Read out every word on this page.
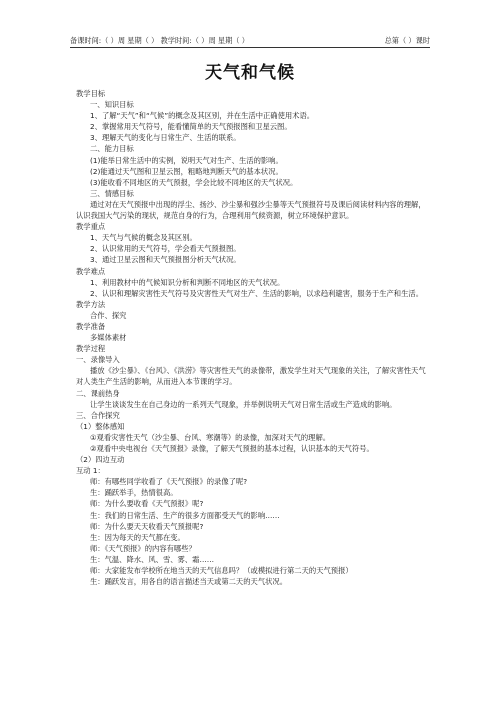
备课时间:（ ）周 星期（ ） 教学时间:（ ）周 星期（ ）	总第（ ）课时
天气和气候
教学目标
一、知识目标
1、了解“天气”和“气候”的概念及其区别，并在生活中正确使用术语。
2、掌握常用天气符号，能看懂简单的天气预报图和卫星云图。
3、理解天气的变化与日常生产、生活的联系。
二、能力目标
(1)能举日常生活中的实例，说明天气对生产、生活的影响。
(2)能通过天气图和卫星云图，粗略地判断天气的基本状况。
(3)能收看不同地区的天气预报，学会比较不同地区的天气状况。
三、情感目标
通过对在天气预报中出现的浮尘、扬沙、沙尘暴和强沙尘暴等天气预报符号及课后阅读材料内容的理解，认识我国大气污染的现状，规范自身的行为，合理利用气候资源，树立环境保护意识。
教学重点
1、天气与气候的概念及其区别。
2、认识常用的天气符号，学会看天气预报图。
3、通过卫星云图和天气预报图分析天气状况。
教学难点
1、利用教材中的气候知识分析和判断不同地区的天气状况。
2、认识和理解灾害性天气符号及灾害性天气对生产、生活的影响，以求趋利避害，服务于生产和生活。
教学方法
合作、探究
教学准备
多媒体素材
教学过程
一、录像导入
播放《沙尘暴》、《台风》、《洪涝》等灾害性天气的录像带，激发学生对天气现象的关注，了解灾害性天气对人类生产生活的影响，从而进入本节课的学习。
二、课前热身
让学生谈谈发生在自己身边的一系列天气现象，并举例说明天气对日常生活或生产造成的影响。
三、合作探究
（1）整体感知
①观看灾害性天气（沙尘暴、台风、寒潮等）的录像，加深对天气的理解。
②观看中央电视台《天气预报》录像，了解天气预报的基本过程，认识基本的天气符号。
（2）四边互动
互动 1：
师：有哪些同学收看了《天气预报》的录像了呢?
生：踊跃举手，热情很高。
师：为什么要收看《天气预报》呢?
生：我们的日常生活、生产的很多方面都受天气的影响……
师：为什么要天天收看天气预报呢?
生：因为每天的天气都在变。
师：《天气预报》的内容有哪些？
生：气温、降水、风、雪、雾、霜……
师：大家能发布学校所在地当天的天气信息吗？（或模拟进行第二天的天气预报）
生：踊跃发言，用各自的语言描述当天或第二天的天气状况。
